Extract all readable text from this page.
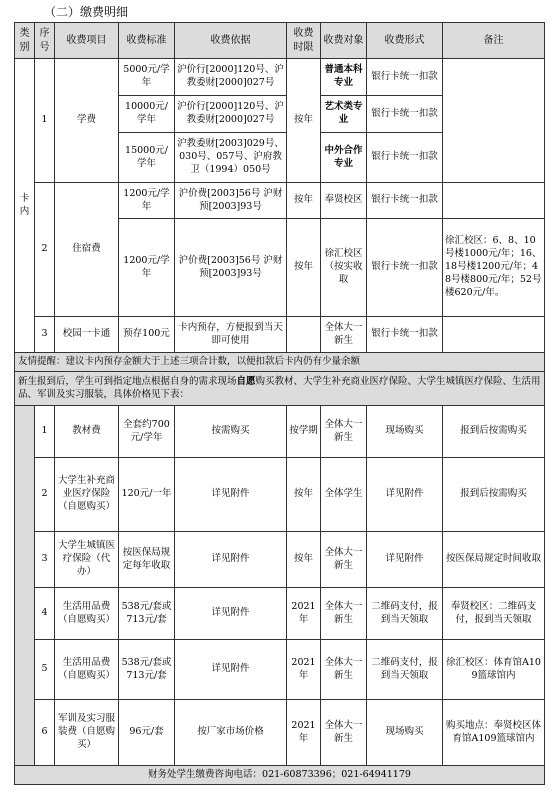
（二）缴费明细
类别	序号	收费项目	收费标准	收费依据	收费时限	收费对象	收费形式	备注
卡内	1	学费	5000元/学年	沪价行[2000]120号、沪教委财[2000]027号	按年	普通本科专业	银行卡统一扣款	
			10000元/学年	沪价行[2000]120号、沪教委财[2000]027号		艺术类专业	银行卡统一扣款	
			15000元/学年	沪教委财[2003]029号、030号、057号、沪府教卫（1994）050号		中外合作专业	银行卡统一扣款	
	2	住宿费	1200元/学年	沪价费[2003]56号 沪财预[2003]93号	按年	奉贤校区	银行卡统一扣款	
			1200元/学年	沪价费[2003]56号 沪财预[2003]93号	按年	徐汇校区（按实收取	银行卡统一扣款	徐汇校区：6、8、10号楼1000元/年；16、18号楼1200元/年；48号楼800元/年；52号楼620元/年。
	3	校园一卡通	预存100元	卡内预存，方便报到当天即可使用		全体大一新生	银行卡统一扣款	
友情提醒：建议卡内预存金额大于上述三项合计数，以便扣款后卡内仍有少量余额								
新生报到后，学生可到指定地点根据自身的需求现场自愿购买教材、大学生补充商业医疗保险、大学生城镇医疗保险、生活用品、军训及实习服装，具体价格见下表：								
	1	教材费	全套约700元/学年	按需购买	按学期	全体大一新生	现场购买	报到后按需购买
	2	大学生补充商业医疗保险（自愿购买）	120元/一年	详见附件	按年	全体学生	详见附件	报到后按需购买
	3	大学生城镇医疗保险（代办）	按医保局规定每年收取	详见附件	按年	全体大一新生	详见附件	按医保局规定时间收取
	4	生活用品费（自愿购买）	538元/套或713元/套	详见附件	2021年	全体大一新生	二维码支付，报到当天领取	奉贤校区：二维码支付，报到当天领取
	5	生活用品费（自愿购买）	538元/套或713元/套	详见附件	2021年	全体大一新生	二维码支付，报到当天领取	徐汇校区：体育馆A109篮球馆内
	6	军训及实习服装费（自愿购买）	96元/套	按厂家市场价格	2021年	全体大一新生	现场购买	购买地点：奉贤校区体育馆A109篮球馆内
财务处学生缴费咨询电话：021-60873396；021-64941179								
